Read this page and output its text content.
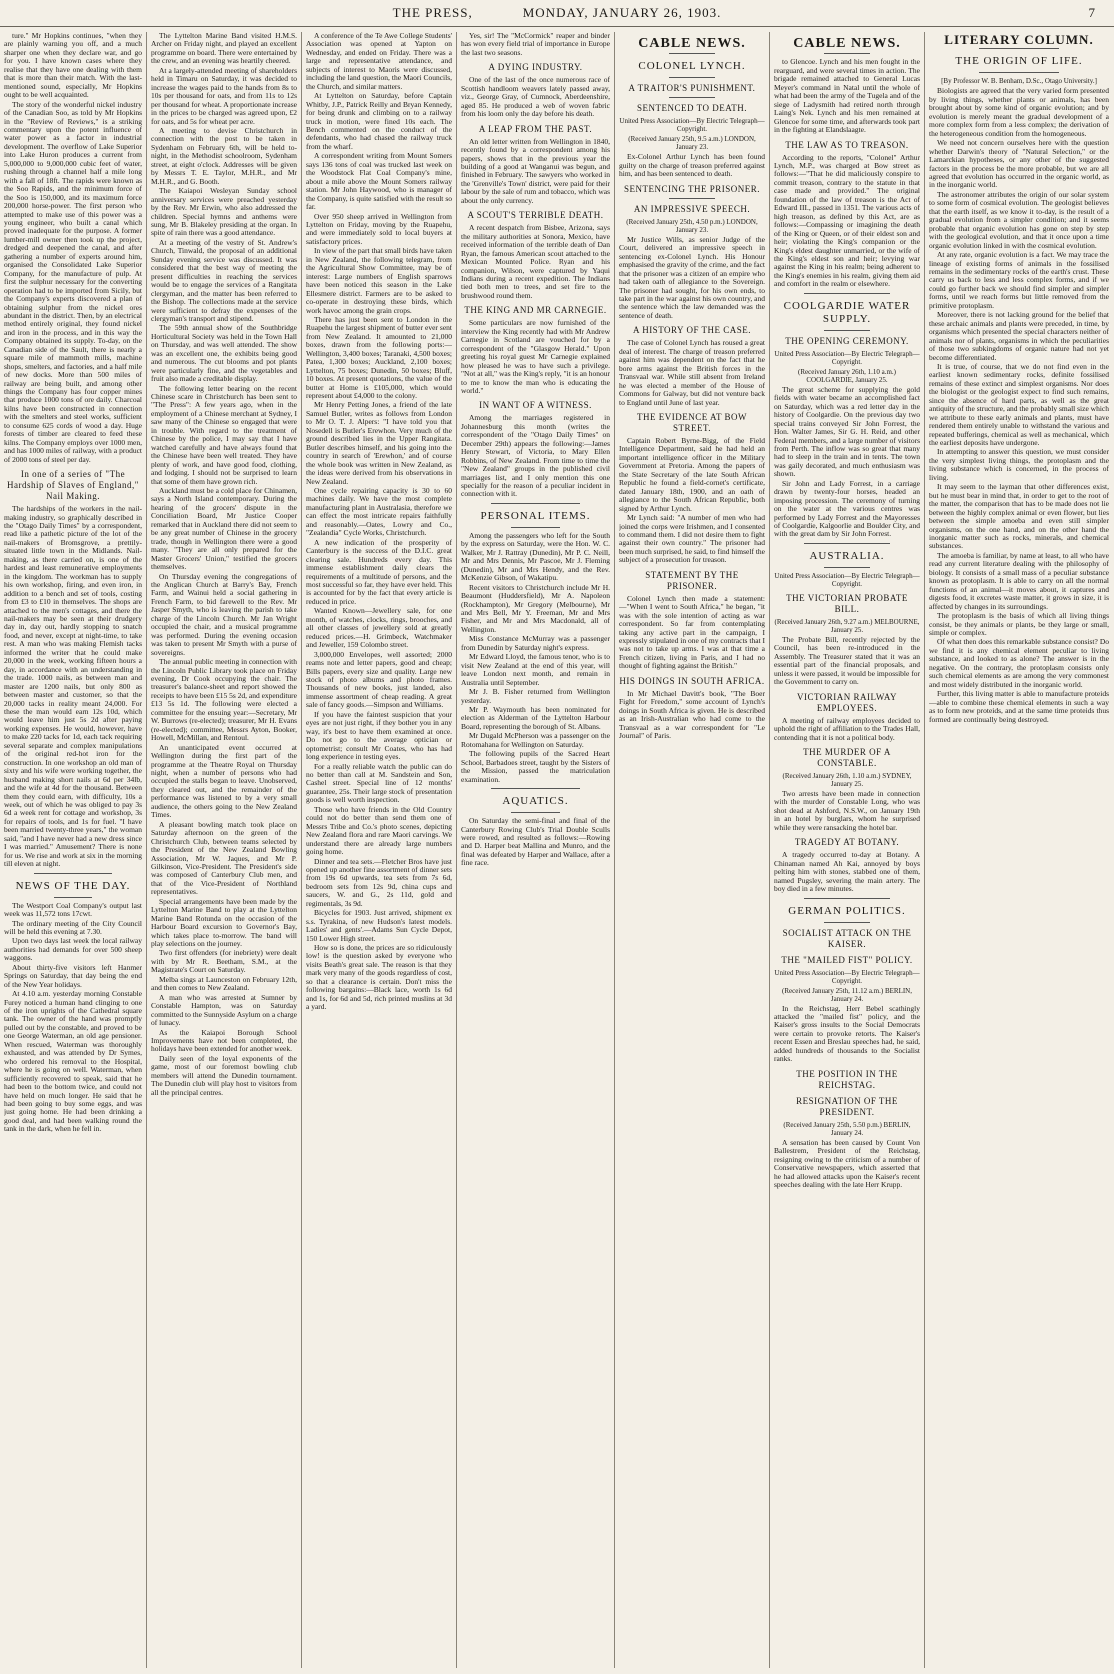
THE PRESS,	MONDAY, JANUARY 26, 1903.	7

ture." Mr Hopkins continues, "when they are plainly warning you off, and a much sharper one when they declare war, and go for you. I have known cases where they realise that they have one dealing with them that is more than their match. With the last-mentioned sound, especially, Mr Hopkins ought to be well acquainted.

The story of the wonderful nickel industry of the Canadian Soo, as told by Mr Hopkins in the "Review of Reviews," is a striking commentary upon the potent influence of water power as a factor in industrial development. The overflow of Lake Superior into Lake Huron produces a current from 5,000,000 to 9,000,000 cubic feet of water, rushing through a channel half a mile long with a fall of 18ft. The rapids were known as the Soo Rapids, and the minimum force of the Soo is 150,000, and its maximum force 200,000 horse-power. The first person who attempted to make use of this power was a young engineer, who built a canal which proved inadequate for the purpose. A former lumber-mill owner then took up the project, dredged and deepened the canal, and after gathering a number of experts around him, organised the Consolidated Lake Superior Company, for the manufacture of pulp. At first the sulphur necessary for the converting operation had to be imported from Sicily, but the Company's experts discovered a plan of obtaining sulphur from the nickel ores abundant in the district. Then, by an electrical method entirely original, they found nickel and iron in the process, and in this way the Company obtained its supply. To-day, on the Canadian side of the Sault, there is nearly a square mile of mammoth mills, machine shops, smelters, and factories, and a half mile of new docks. More than 500 miles of railway are being built, and among other things the Company has four copper mines that produce 1000 tons of ore daily. Charcoal kilns have been constructed in connection with the smelters and steel works, sufficient to consume 625 cords of wood a day. Huge forests of timber are cleared to feed these kilns. The Company employs over 1000 men, and has 1000 miles of railway, with a product of 2000 tons of steel per day.

In one of a series of "The Hardship of Slaves of England," Nail Making.

The hardships of the workers in the nail-making industry, so graphically described in the "Otago Daily Times" by a correspondent, read like a pathetic picture of the lot of the nail-makers of Bromsgrove, a prettily-situated little town in the Midlands. Nail-making, as there carried on, is one of the hardest and least remunerative employments in the kingdom. The workman has to supply his own workshop, firing, and even iron, in addition to a bench and set of tools, costing from £3 to £10 in themselves. The shops are attached to the men's cottages, and there the nail-makers may be seen at their drudgery day in, day out, hardly stopping to snatch food, and never, except at night-time, to take rest. A man who was making Flemish tacks informed the writer that he could make 20,000 in the week, working fifteen hours a day, in accordance with an understanding in the trade. 1000 nails, as between man and master are 1200 nails, but only 800 as between master and customer, so that the 20,000 tacks in reality meant 24,000. For these the man would earn 12s 10d, which would leave him just 5s 2d after paying working expenses. He would, however, have to make 220 tacks for 1d, each tack requiring several separate and complex manipulations of the original red-hot iron for the construction. In one workshop an old man of sixty and his wife were working together, the husband making short nails at 6d per 34lb, and the wife at 4d for the thousand. Between them they could earn, with difficulty, 10s a week, out of which he was obliged to pay 3s 6d a week rent for cottage and workshop, 3s for repairs of tools, and 1s for fuel. "I have been married twenty-three years," the woman said, "and I have never had a new dress since I was married." Amusement? There is none for us. We rise and work at six in the morning till eleven at night.

NEWS OF THE DAY.

The Westport Coal Company's output last week was 11,572 tons 17cwt.

The ordinary meeting of the City Council will be held this evening at 7.30.

Upon two days last week the local railway authorities had demands for over 500 sheep waggons.

About thirty-five visitors left Hanmer Springs on Saturday, that day being the end of the New Year holidays.

At 4.10 a.m. yesterday morning Constable Furey noticed a human hand clinging to one of the iron uprights of the Cathedral square tank. The owner of the hand was promptly pulled out by the constable, and proved to be one George Waterman, an old age pensioner. When rescued, Waterman was thoroughly exhausted, and was attended by Dr Symes, who ordered his removal to the Hospital, where he is going on well. Waterman, when sufficiently recovered to speak, said that he had been to the bottom twice, and could not have held on much longer. He said that he had been going to buy some eggs, and was just going home. He had been drinking a good deal, and had been walking round the tank in the dark, when he fell in.

The Lyttelton Marine Band visited H.M.S. Archer on Friday night, and played an excellent programme on board. There were entertained by the crew, and an evening was heartily cheered.

At a largely-attended meeting of shareholders held in Timaru on Saturday, it was decided to increase the wages paid to the hands from 8s to 10s per thousand for oats, and from 11s to 12s per thousand for wheat. A proportionate increase in the prices to be charged was agreed upon, £2 for oats, and 5s for wheat per acre.

A meeting to devise Christchurch in connection with the post to be taken in Sydenham on February 6th, will be held to-night, in the Methodist schoolroom, Sydenham street, at eight o'clock. Addresses will be given by Messrs T. E. Taylor, M.H.R., and Mr M.H.R., and G. Booth.

The Kaiapoi Wesleyan Sunday school anniversary services were preached yesterday by the Rev. Mr Erwin, who also addressed the children. Special hymns and anthems were sung, Mr B. Blakeley presiding at the organ. In spite of rain there was a good attendance.

At a meeting of the vestry of St. Andrew's Church, Tinwald, the proposal of an additional Sunday evening service was discussed. It was considered that the best way of meeting the present difficulties in reaching the services would be to engage the services of a Rangitata clergyman, and the matter has been referred to the Bishop. The collections made at the service were sufficient to defray the expenses of the clergyman's transport and stipend.

The 59th annual show of the Southbridge Horticultural Society was held in the Town Hall on Thursday, and was well attended. The show was an excellent one, the exhibits being good and numerous. The cut blooms and pot plants were particularly fine, and the vegetables and fruit also made a creditable display.

The following letter bearing on the recent Chinese scare in Christchurch has been sent to "The Press": A few years ago, when in the employment of a Chinese merchant at Sydney, I saw many of the Chinese so engaged that were in trouble. With regard to the treatment of Chinese by the police, I may say that I have watched carefully and have always found that the Chinese have been well treated. They have plenty of work, and have good food, clothing, and lodging. I should not be surprised to learn that some of them have grown rich.

Auckland must be a cold place for Chinamen, says a North Island contemporary. During the hearing of the grocers' dispute in the Conciliation Board, Mr Justice Cooper remarked that in Auckland there did not seem to be any great number of Chinese in the grocery trade, though in Wellington there were a good many. "They are all only prepared for the Master Grocers' Union," testified the grocers themselves.

On Thursday evening the congregations of the Anglican Church at Barry's Bay, French Farm, and Wainui held a social gathering in French Farm, to bid farewell to the Rev. Mr Jasper Smyth, who is leaving the parish to take charge of the Lincoln Church. Mr Jan Wright occupied the chair, and a musical programme was performed. During the evening occasion was taken to present Mr Smyth with a purse of sovereigns.

The annual public meeting in connection with the Lincoln Public Library took place on Friday evening, Dr Cook occupying the chair. The treasurer's balance-sheet and report showed the receipts to have been £15 5s 2d, and expenditure £13 5s 1d. The following were elected a committee for the ensuing year:—Secretary, Mr W. Burrows (re-elected); treasurer, Mr H. Evans (re-elected); committee, Messrs Ayton, Booker, Howell, McMillan, and Rentoul.

An unanticipated event occurred at Wellington during the first part of the programme at the Theatre Royal on Thursday night, when a number of persons who had occupied the stalls began to leave. Unobserved, they cleared out, and the remainder of the performance was listened to by a very small audience, the others going to the New Zealand Times.

A pleasant bowling match took place on Saturday afternoon on the green of the Christchurch Club, between teams selected by the President of the New Zealand Bowling Association, Mr W. Jaques, and Mr P. Gilkinson, Vice-President. The President's side was composed of Canterbury Club men, and that of the Vice-President of Northland representatives.

Special arrangements have been made by the Lyttelton Marine Band to play at the Lyttelton Marine Band Rotunda on the occasion of the Harbour Board excursion to Governor's Bay, which takes place to-morrow. The band will play selections on the journey.

Two first offenders (for inebriety) were dealt with by Mr R. Beetham, S.M., at the Magistrate's Court on Saturday.

Melba sings at Launceston on February 12th, and then comes to New Zealand.

A man who was arrested at Sumner by Constable Hampton, was on Saturday committed to the Sunnyside Asylum on a charge of lunacy.

As the Kaiapoi Borough School Improvements have not been completed, the holidays have been extended for another week.

Daily seen of the loyal exponents of the game, most of our foremost bowling club members will attend the Dunedin tournament. The Dunedin club will play host to visitors from all the principal centres.

A conference of the Te Awe College Students' Association was opened at Yapton on Wednesday, and ended on Friday. There was a large and representative attendance, and subjects of interest to Maoris were discussed, including the land question, the Maori Councils, the Church, and similar matters.

At Lyttelton on Saturday, before Captain Whitby, J.P., Patrick Reilly and Bryan Kennedy, for being drunk and climbing on to a railway truck in motion, were fined 10s each. The Bench commented on the conduct of the defendants, who had chased the railway truck from the wharf.

A correspondent writing from Mount Somers says 136 tons of coal was trucked last week on the Woodstock Flat Coal Company's mine, about a mile above the Mount Somers railway station. Mr John Haywood, who is manager of the Company, is quite satisfied with the result so far.

Over 950 sheep arrived in Wellington from Lyttelton on Friday, moving by the Ruapehu, and were immediately sold to local buyers at satisfactory prices.

In view of the part that small birds have taken in New Zealand, the following telegram, from the Agricultural Show Committee, may be of interest: Large numbers of English sparrows have been noticed this season in the Lake Ellesmere district. Farmers are to be asked to co-operate in destroying these birds, which work havoc among the grain crops.

There has just been sent to London in the Ruapehu the largest shipment of butter ever sent from New Zealand. It amounted to 21,000 boxes, drawn from the following ports:—Wellington, 3,400 boxes; Taranaki, 4,500 boxes; Patea, 1,300 boxes; Auckland, 2,100 boxes; Lyttelton, 75 boxes; Dunedin, 50 boxes; Bluff, 10 boxes. At present quotations, the value of the butter at Home is £105,000, which would represent about £4,000 to the colony.

Mr Henry Petting Jones, a friend of the late Samuel Butler, writes as follows from London to Mr O. T. J. Alpers: "I have told you that Nosedell is Butler's Erewhon. Very much of the ground described lies in the Upper Rangitata. Butler describes himself, and his going into the country in search of 'Erewhon,' and of course the whole book was written in New Zealand, as the ideas were derived from his observations in New Zealand.

One cycle repairing capacity is 30 to 60 machines daily. We have the most complete manufacturing plant in Australasia, therefore we can effect the most intricate repairs faithfully and reasonably.—Oates, Lowry and Co., "Zealandia" Cycle Works, Christchurch.

A new indication of the prosperity of Canterbury is the success of the D.I.C. great clearing sale. Hundreds every day. This immense establishment daily clears the requirements of a multitude of persons, and the most successful so far, they have ever held. This is accounted for by the fact that every article is reduced in price.

Wanted Known—Jewellery sale, for one month, of watches, clocks, rings, brooches, and all other classes of jewellery sold at greatly reduced prices.—H. Grimbeck, Watchmaker and Jeweller, 159 Colombo street.

3,000,000 Envelopes, well assorted; 2000 reams note and letter papers, good and cheap; Bills papers, every size and quality. Large new stock of photo albums and photo frames. Thousands of new books, just landed, also immense assortment of cheap reading. A great sale of fancy goods.—Simpson and Williams.

If you have the faintest suspicion that your eyes are not just right, if they bother you in any way, it's best to have them examined at once. Do not go to the average optician or optometrist; consult Mr Coates, who has had long experience in testing eyes.

For a really reliable watch the public can do no better than call at M. Sandstein and Son, Cashel street. Special line of 12 months' guarantee, 25s. Their large stock of presentation goods is well worth inspection.

Those who have friends in the Old Country could not do better than send them one of Messrs Tribe and Co.'s photo scenes, depicting New Zealand flora and rare Maori carvings. We understand there are already large numbers going home.

Dinner and tea sets.—Fletcher Bros have just opened up another fine assortment of dinner sets from 19s 6d upwards, tea sets from 7s 6d, bedroom sets from 12s 9d, china cups and saucers, W. and G., 2s 11d, gold and regimentals, 3s 9d.

Bicycles for 1903. Just arrived, shipment ex s.s. Tyrakina, of new Hudson's latest models. Ladies' and gents'.—Adams Sun Cycle Depot, 150 Lower High street.

How so is done, the prices are so ridiculously low! is the question asked by everyone who visits Beath's great sale. The reason is that they mark very many of the goods regardless of cost, so that a clearance is certain. Don't miss the following bargains:—Black lace, worth 1s 6d and 1s, for 6d and 5d, rich printed muslins at 3d a yard.

Yes, sir! The "McCormick" reaper and binder has won every field trial of importance in Europe the last two seasons.

A DYING INDUSTRY.

One of the last of the once numerous race of Scottish handloom weavers lately passed away, viz., George Gray, of Cumnock, Aberdeenshire, aged 85. He produced a web of woven fabric from his loom only the day before his death.

A LEAP FROM THE PAST.

An old letter written from Wellington in 1840, recently found by a correspondent among his papers, shows that in the previous year the building of a good at Wanganui was begun, and finished in February. The sawyers who worked in the 'Grenville's Town' district, were paid for their labour by the sale of rum and tobacco, which was about the only currency.

A SCOUT'S TERRIBLE DEATH.

A recent despatch from Bisbee, Arizona, says the military authorities at Sonora, Mexico, have received information of the terrible death of Dan Ryan, the famous American scout attached to the Mexican Mounted Police. Ryan and his companion, Wilson, were captured by Yaqui Indians during a recent expedition. The Indians tied both men to trees, and set fire to the brushwood round them.

THE KING AND MR CARNEGIE.

Some particulars are now furnished of the interview the King recently had with Mr Andrew Carnegie in Scotland are vouched for by a correspondent of the "Glasgow Herald." Upon greeting his royal guest Mr Carnegie explained how pleased he was to have such a privilege. "Not at all," was the King's reply, "it is an honour to me to know the man who is educating the world."

IN WANT OF A WITNESS.

Among the marriages registered in Johannesburg this month (writes the correspondent of the "Otago Daily Times" on December 29th) appears the following:—James Henry Stewart, of Victoria, to Mary Ellen Robbins, of New Zealand. From time to time the "New Zealand" groups in the published civil marriages list, and I only mention this one specially for the reason of a peculiar incident in connection with it.

PERSONAL ITEMS.

Among the passengers who left for the South by the express on Saturday, were the Hon. W. C. Walker, Mr J. Rattray (Dunedin), Mr P. C. Neill, Mr and Mrs Dennis, Mr Pascoe, Mr J. Fleming (Dunedin), Mr and Mrs Hendy, and the Rev. McKenzie Gibson, of Wakatipu.

Recent visitors to Christchurch include Mr H. Beaumont (Huddersfield), Mr A. Napoleon (Rockhampton), Mr Gregory (Melbourne), Mr and Mrs Bell, Mr Y. Freeman, Mr and Mrs Fisher, and Mr and Mrs Macdonald, all of Wellington.

Miss Constance McMurray was a passenger from Dunedin by Saturday night's express.

Mr Edward Lloyd, the famous tenor, who is to visit New Zealand at the end of this year, will leave London next month, and remain in Australia until September.

Mr J. B. Fisher returned from Wellington yesterday.

Mr P. Waymouth has been nominated for election as Alderman of the Lyttelton Harbour Board, representing the borough of St. Albans.

Mr Dugald McPherson was a passenger on the Rotomahana for Wellington on Saturday.

The following pupils of the Sacred Heart School, Barbadoes street, taught by the Sisters of the Mission, passed the matriculation examination.

AQUATICS.

On Saturday the semi-final and final of the Canterbury Rowing Club's Trial Double Sculls were rowed, and resulted as follows:—Rowing and D. Harper beat Mallina and Munro, and the final was defeated by Harper and Wallace, after a fine race.

CABLE NEWS.
COLONEL LYNCH.
A TRAITOR'S PUNISHMENT.
SENTENCED TO DEATH.
United Press Association—By Electric Telegraph—Copyright.
(Received January 25th, 9.5 a.m.) LONDON, January 23.

Ex-Colonel Arthur Lynch has been found guilty on the charge of treason preferred against him, and has been sentenced to death.

SENTENCING THE PRISONER.
AN IMPRESSIVE SPEECH.
(Received January 25th, 4.50 p.m.) LONDON, January 23.

Mr Justice Wills, as senior Judge of the Court, delivered an impressive speech in sentencing ex-Colonel Lynch. His Honour emphasised the gravity of the crime, and the fact that the prisoner was a citizen of an empire who had taken oath of allegiance to the Sovereign. The prisoner had sought, for his own ends, to take part in the war against his own country, and the sentence which the law demanded was the sentence of death.

A HISTORY OF THE CASE.

The case of Colonel Lynch has roused a great deal of interest. The charge of treason preferred against him was dependent on the fact that he bore arms against the British forces in the Transvaal war. While still absent from Ireland he was elected a member of the House of Commons for Galway, but did not venture back to England until June of last year.

THE EVIDENCE AT BOW STREET.

Captain Robert Byrne-Bigg, of the Field Intelligence Department, said he had held an important intelligence officer in the Military Government at Pretoria. Among the papers of the State Secretary of the late South African Republic he found a field-cornet's certificate, dated January 18th, 1900, and an oath of allegiance to the South African Republic, both signed by Arthur Lynch.

Mr Lynch said: "A number of men who had joined the corps were Irishmen, and I consented to command them. I did not desire them to fight against their own country." The prisoner had been much surprised, he said, to find himself the subject of a prosecution for treason.

STATEMENT BY THE PRISONER.

Colonel Lynch then made a statement:—"When I went to South Africa," he began, "it was with the sole intention of acting as war correspondent. So far from contemplating taking any active part in the campaign, I expressly stipulated in one of my contracts that I was not to take up arms. I was at that time a French citizen, living in Paris, and I had no thought of fighting against the British."

HIS DOINGS IN SOUTH AFRICA.

In Mr Michael Davitt's book, "The Boer Fight for Freedom," some account of Lynch's doings in South Africa is given. He is described as an Irish-Australian who had come to the Transvaal as a war correspondent for "Le Journal" of Paris.

CABLE NEWS.

to Glencoe. Lynch and his men fought in the rearguard, and were several times in action. The brigade remained attached to General Lucas Meyer's command in Natal until the whole of what had been the army of the Tugela and of the siege of Ladysmith had retired north through Laing's Nek. Lynch and his men remained at Glencoe for some time, and afterwards took part in the fighting at Elandslaagte.

THE LAW AS TO TREASON.

According to the reports, "Colonel" Arthur Lynch, M.P., was charged at Bow street as follows:—"That he did maliciously conspire to commit treason, contrary to the statute in that case made and provided." The original foundation of the law of treason is the Act of Edward III., passed in 1351. The various acts of high treason, as defined by this Act, are as follows:—Compassing or imagining the death of the King or Queen, or of their eldest son and heir; violating the King's companion or the King's eldest daughter unmarried, or the wife of the King's eldest son and heir; levying war against the King in his realm; being adherent to the King's enemies in his realm, giving them aid and comfort in the realm or elsewhere.

COOLGARDIE WATER SUPPLY.
THE OPENING CEREMONY.
United Press Association—By Electric Telegraph—Copyright.
(Received January 26th, 1.10 a.m.) COOLGARDIE, January 25.

The great scheme for supplying the gold fields with water became an accomplished fact on Saturday, which was a red letter day in the history of Coolgardie. On the previous day two special trains conveyed Sir John Forrest, the Hon. Walter James, Sir G. H. Reid, and other Federal members, and a large number of visitors from Perth. The inflow was so great that many had to sleep in the train and in tents. The town was gaily decorated, and much enthusiasm was shown.

Sir John and Lady Forrest, in a carriage drawn by twenty-four horses, headed an imposing procession. The ceremony of turning on the water at the various centres was performed by Lady Forrest and the Mayoresses of Coolgardie, Kalgoorlie and Boulder City, and with the great dam by Sir John Forrest.

AUSTRALIA.
United Press Association—By Electric Telegraph—Copyright.
THE VICTORIAN PROBATE BILL.
(Received January 26th, 9.27 a.m.) MELBOURNE, January 25.

The Probate Bill, recently rejected by the Council, has been re-introduced in the Assembly. The Treasurer stated that it was an essential part of the financial proposals, and unless it were passed, it would be impossible for the Government to carry on.

VICTORIAN RAILWAY EMPLOYEES.

A meeting of railway employees decided to uphold the right of affiliation to the Trades Hall, contending that it is not a political body.

THE MURDER OF A CONSTABLE.
(Received January 26th, 1.10 a.m.) SYDNEY, January 25.

Two arrests have been made in connection with the murder of Constable Long, who was shot dead at Ashford, N.S.W., on January 19th in an hotel by burglars, whom he surprised while they were ransacking the hotel bar.

TRAGEDY AT BOTANY.

A tragedy occurred to-day at Botany. A Chinaman named Ah Kai, annoyed by boys pelting him with stones, stabbed one of them, named Pugsley, severing the main artery. The boy died in a few minutes.

GERMAN POLITICS.
SOCIALIST ATTACK ON THE KAISER.
THE "MAILED FIST" POLICY.
United Press Association—By Electric Telegraph—Copyright.
(Received January 25th, 11.12 a.m.) BERLIN, January 24.

In the Reichstag, Herr Bebel scathingly attacked the "mailed fist" policy, and the Kaiser's gross insults to the Social Democrats were certain to provoke retorts. The Kaiser's recent Essen and Breslau speeches had, he said, added hundreds of thousands to the Socialist ranks.

THE POSITION IN THE REICHSTAG.
RESIGNATION OF THE PRESIDENT.
(Received January 25th, 5.50 p.m.) BERLIN, January 24.

A sensation has been caused by Count Von Ballestrem, President of the Reichstag, resigning owing to the criticism of a number of Conservative newspapers, which asserted that he had allowed attacks upon the Kaiser's recent speeches dealing with the late Herr Krupp.

LITERARY COLUMN.
THE ORIGIN OF LIFE.
[By Professor W. B. Benham, D.Sc., Otago University.]

Biologists are agreed that the very varied form presented by living things, whether plants or animals, has been brought about by some kind of organic evolution; and by evolution is merely meant the gradual development of a more complex form from a less complex; the derivation of the heterogeneous condition from the homogeneous.

We need not concern ourselves here with the question whether Darwin's theory of "Natural Selection," or the Lamarckian hypotheses, or any other of the suggested factors in the process be the more probable, but we are all agreed that evolution has occurred in the organic world, as in the inorganic world.

The astronomer attributes the origin of our solar system to some form of cosmical evolution. The geologist believes that the earth itself, as we know it to-day, is the result of a gradual evolution from a simpler condition; and it seems probable that organic evolution has gone on step by step with the geological evolution, and that it once upon a time organic evolution linked in with the cosmical evolution.

At any rate, organic evolution is a fact. We may trace the lineage of existing forms of animals in the fossilised remains in the sedimentary rocks of the earth's crust. These carry us back to less and less complex forms, and if we could go further back we should find simpler and simpler forms, until we reach forms but little removed from the primitive protoplasm.

Moreover, there is not lacking ground for the belief that these archaic animals and plants were preceded, in time, by organisms which presented the special characters neither of animals nor of plants, organisms in which the peculiarities of those two subkingdoms of organic nature had not yet become differentiated.

It is true, of course, that we do not find even in the earliest known sedimentary rocks, definite fossilised remains of these extinct and simplest organisms. Nor does the biologist or the geologist expect to find such remains, since the absence of hard parts, as well as the great antiquity of the structure, and the probably small size which we attribute to these early animals and plants, must have rendered them entirely unable to withstand the various and repeated bufferings, chemical as well as mechanical, which the earliest deposits have undergone.

In attempting to answer this question, we must consider the very simplest living things, the protoplasm and the living substance which is concerned, in the process of living.

It may seem to the layman that other differences exist, but he must bear in mind that, in order to get to the root of the matter, the comparison that has to be made does not lie between the highly complex animal or even flower, but lies between the simple amoeba and even still simpler organisms, on the one hand, and on the other hand the inorganic matter such as rocks, minerals, and chemical substances.

The amoeba is familiar, by name at least, to all who have read any current literature dealing with the philosophy of biology. It consists of a small mass of a peculiar substance known as protoplasm. It is able to carry on all the normal functions of an animal—it moves about, it captures and digests food, it excretes waste matter, it grows in size, it is affected by changes in its surroundings.

The protoplasm is the basis of which all living things consist, be they animals or plants, be they large or small, simple or complex.

Of what then does this remarkable substance consist? Do we find it is any chemical element peculiar to living substance, and looked to as alone? The answer is in the negative. On the contrary, the protoplasm consists only such chemical elements as are among the very commonest and most widely distributed in the inorganic world.

Further, this living matter is able to manufacture proteids—able to combine these chemical elements in such a way as to form new proteids, and at the same time proteids thus formed are continually being destroyed.
